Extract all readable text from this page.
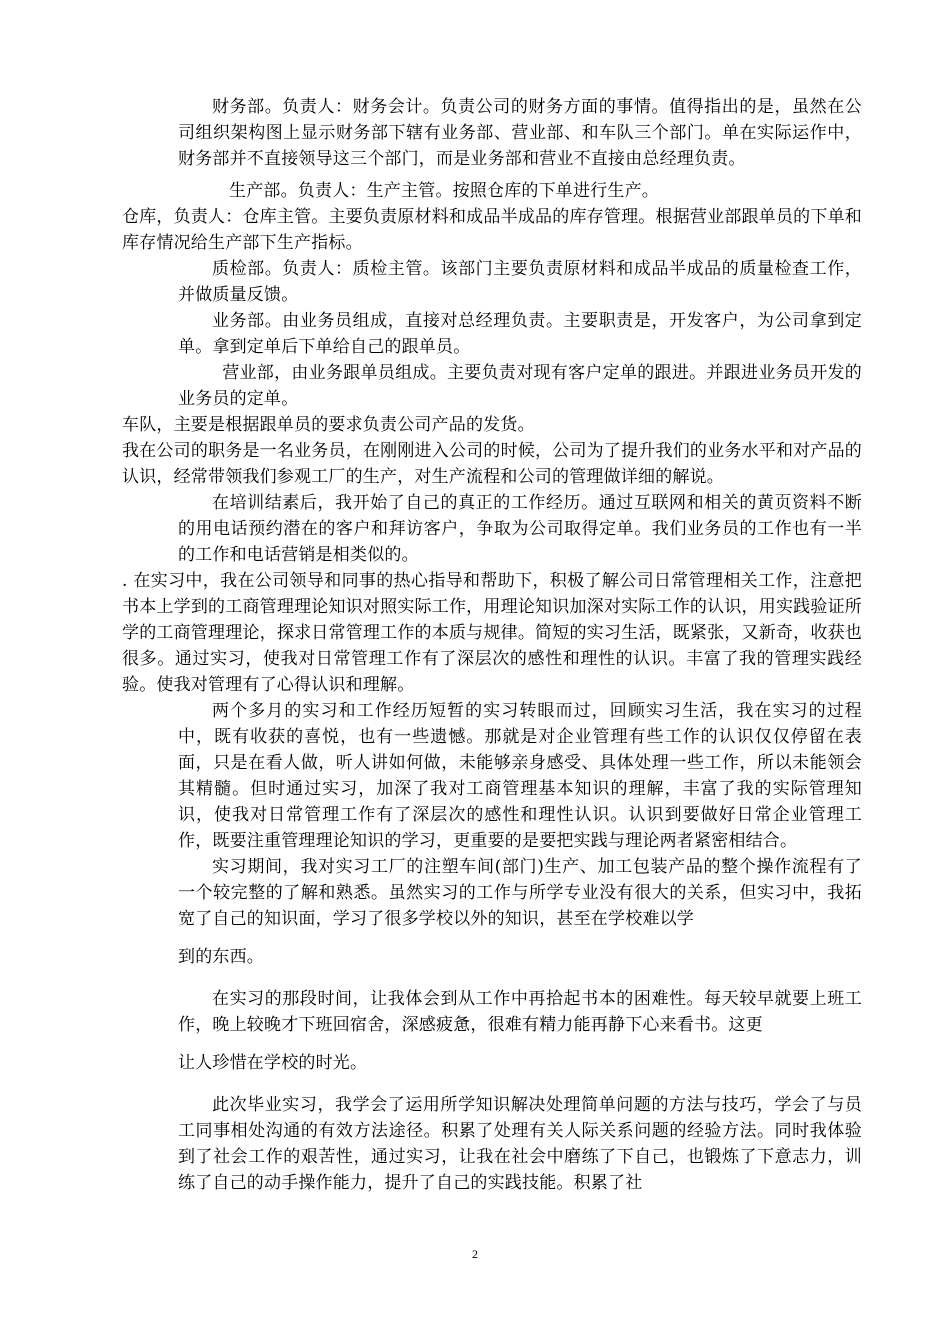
财务部。负责人：财务会计。负责公司的财务方面的事情。值得指出的是，虽然在公司组织架构图上显示财务部下辖有业务部、营业部、和车队三个部门。单在实际运作中，财务部并不直接领导这三个部门，而是业务部和营业不直接由总经理负责。

生产部。负责人：生产主管。按照仓库的下单进行生产。

仓库，负责人：仓库主管。主要负责原材料和成品半成品的库存管理。根据营业部跟单员的下单和库存情况给生产部下生产指标。

质检部。负责人：质检主管。该部门主要负责原材料和成品半成品的质量检查工作，并做质量反馈。

业务部。由业务员组成，直接对总经理负责。主要职责是，开发客户，为公司拿到定单。拿到定单后下单给自己的跟单员。

营业部，由业务跟单员组成。主要负责对现有客户定单的跟进。并跟进业务员开发的业务员的定单。

车队，主要是根据跟单员的要求负责公司产品的发货。

我在公司的职务是一名业务员，在刚刚进入公司的时候，公司为了提升我们的业务水平和对产品的认识，经常带领我们参观工厂的生产，对生产流程和公司的管理做详细的解说。

在培训结素后，我开始了自己的真正的工作经历。通过互联网和相关的黄页资料不断的用电话预约潜在的客户和拜访客户，争取为公司取得定单。我们业务员的工作也有一半的工作和电话营销是相类似的。

. 在实习中，我在公司领导和同事的热心指导和帮助下，积极了解公司日常管理相关工作，注意把书本上学到的工商管理理论知识对照实际工作，用理论知识加深对实际工作的认识，用实践验证所学的工商管理理论，探求日常管理工作的本质与规律。简短的实习生活，既紧张，又新奇，收获也很多。通过实习，使我对日常管理工作有了深层次的感性和理性的认识。丰富了我的管理实践经验。使我对管理有了心得认识和理解。

两个多月的实习和工作经历短暂的实习转眼而过，回顾实习生活，我在实习的过程中，既有收获的喜悦，也有一些遗憾。那就是对企业管理有些工作的认识仅仅停留在表面，只是在看人做，听人讲如何做，未能够亲身感受、具体处理一些工作，所以未能领会其精髓。但时通过实习，加深了我对工商管理基本知识的理解，丰富了我的实际管理知识，使我对日常管理工作有了深层次的感性和理性认识。认识到要做好日常企业管理工作，既要注重管理理论知识的学习，更重要的是要把实践与理论两者紧密相结合。

实习期间，我对实习工厂的注塑车间(部门)生产、加工包装产品的整个操作流程有了一个较完整的了解和熟悉。虽然实习的工作与所学专业没有很大的关系，但实习中，我拓宽了自己的知识面，学习了很多学校以外的知识，甚至在学校难以学

到的东西。

在实习的那段时间，让我体会到从工作中再拾起书本的困难性。每天较早就要上班工作，晚上较晚才下班回宿舍，深感疲惫，很难有精力能再静下心来看书。这更

让人珍惜在学校的时光。

此次毕业实习，我学会了运用所学知识解决处理简单问题的方法与技巧，学会了与员工同事相处沟通的有效方法途径。积累了处理有关人际关系问题的经验方法。同时我体验到了社会工作的艰苦性，通过实习，让我在社会中磨练了下自己，也锻炼了下意志力，训练了自己的动手操作能力，提升了自己的实践技能。积累了社

2
